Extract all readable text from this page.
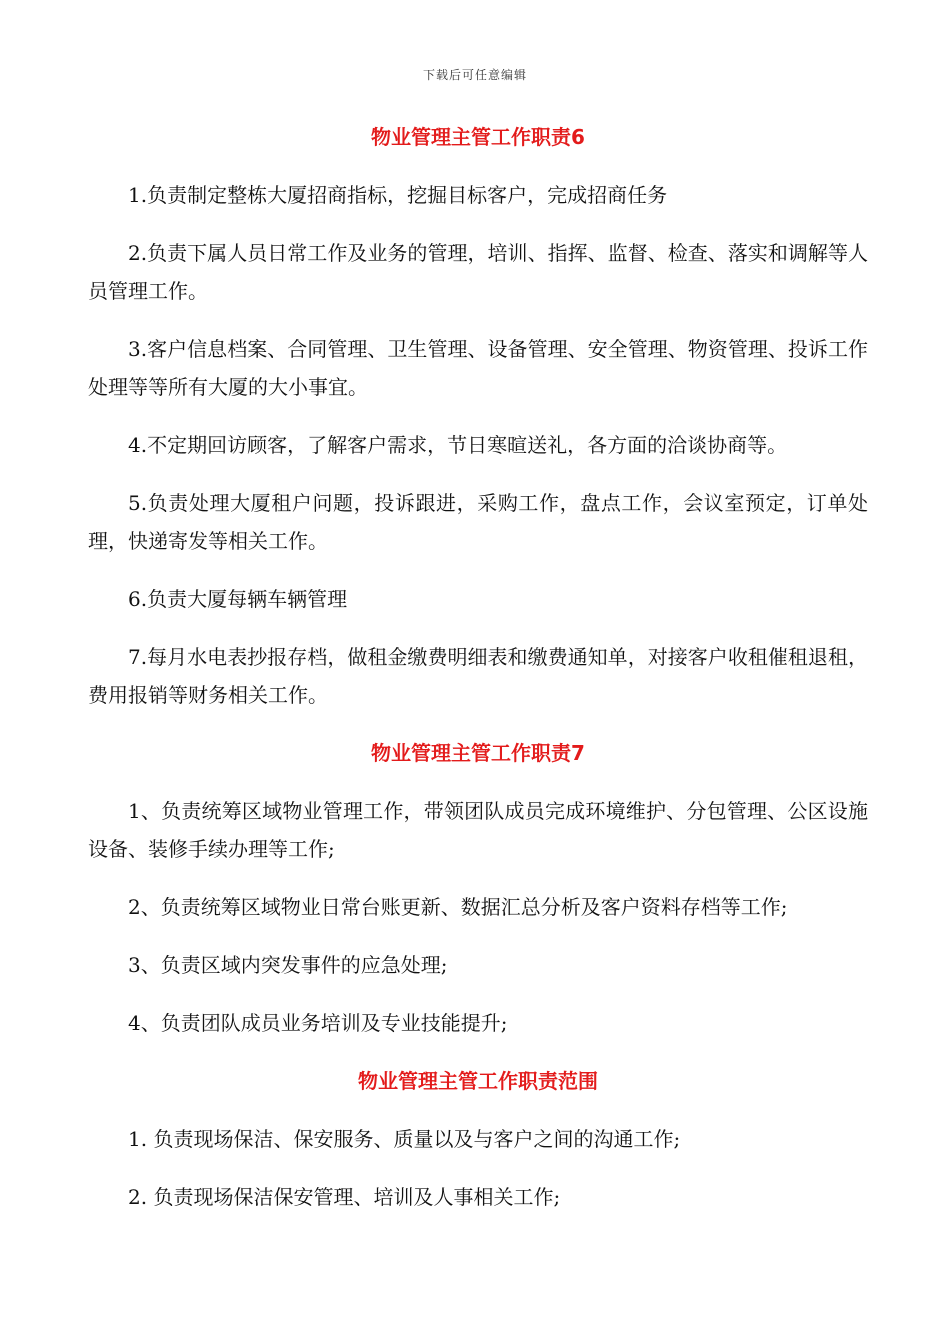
下载后可任意编辑
物业管理主管工作职责6

1.负责制定整栋大厦招商指标，挖掘目标客户，完成招商任务

2.负责下属人员日常工作及业务的管理，培训、指挥、监督、检查、落实和调解等人员管理工作。

3.客户信息档案、合同管理、卫生管理、设备管理、安全管理、物资管理、投诉工作处理等等所有大厦的大小事宜。

4.不定期回访顾客，了解客户需求，节日寒暄送礼，各方面的洽谈协商等。

5.负责处理大厦租户问题，投诉跟进，采购工作，盘点工作，会议室预定，订单处理，快递寄发等相关工作。

6.负责大厦每辆车辆管理

7.每月水电表抄报存档，做租金缴费明细表和缴费通知单，对接客户收租催租退租，费用报销等财务相关工作。

物业管理主管工作职责7

1、负责统筹区域物业管理工作，带领团队成员完成环境维护、分包管理、公区设施设备、装修手续办理等工作;

2、负责统筹区域物业日常台账更新、数据汇总分析及客户资料存档等工作;

3、负责区域内突发事件的应急处理;

4、负责团队成员业务培训及专业技能提升;

物业管理主管工作职责范围

1. 负责现场保洁、保安服务、质量以及与客户之间的沟通工作;

2. 负责现场保洁保安管理、培训及人事相关工作;
